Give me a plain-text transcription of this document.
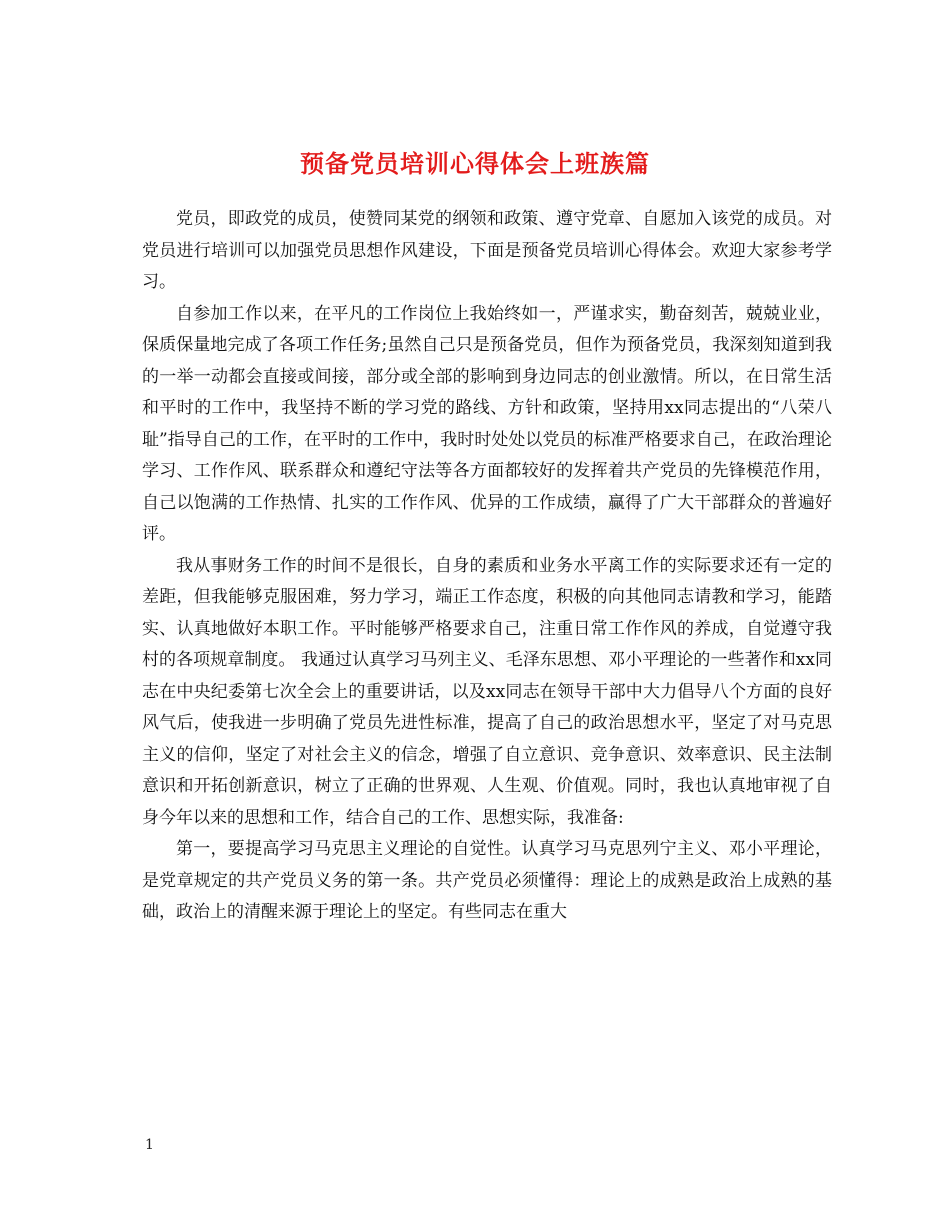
预备党员培训心得体会上班族篇

党员，即政党的成员，使赞同某党的纲领和政策、遵守党章、自愿加入该党的成员。对党员进行培训可以加强党员思想作风建设，下面是预备党员培训心得体会。欢迎大家参考学习。

自参加工作以来，在平凡的工作岗位上我始终如一，严谨求实，勤奋刻苦，兢兢业业，保质保量地完成了各项工作任务;虽然自己只是预备党员，但作为预备党员，我深刻知道到我的一举一动都会直接或间接，部分或全部的影响到身边同志的创业激情。所以，在日常生活和平时的工作中，我坚持不断的学习党的路线、方针和政策，坚持用xx同志提出的“八荣八耻”指导自己的工作，在平时的工作中，我时时处处以党员的标准严格要求自己，在政治理论学习、工作作风、联系群众和遵纪守法等各方面都较好的发挥着共产党员的先锋模范作用，自己以饱满的工作热情、扎实的工作作风、优异的工作成绩，赢得了广大干部群众的普遍好评。

我从事财务工作的时间不是很长，自身的素质和业务水平离工作的实际要求还有一定的差距，但我能够克服困难，努力学习，端正工作态度，积极的向其他同志请教和学习，能踏实、认真地做好本职工作。平时能够严格要求自己，注重日常工作作风的养成，自觉遵守我村的各项规章制度。 我通过认真学习马列主义、毛泽东思想、邓小平理论的一些著作和xx同志在中央纪委第七次全会上的重要讲话，以及xx同志在领导干部中大力倡导八个方面的良好风气后，使我进一步明确了党员先进性标准，提高了自己的政治思想水平，坚定了对马克思主义的信仰，坚定了对社会主义的信念，增强了自立意识、竞争意识、效率意识、民主法制意识和开拓创新意识，树立了正确的世界观、人生观、价值观。同时，我也认真地审视了自身今年以来的思想和工作，结合自己的工作、思想实际，我准备:

第一，要提高学习马克思主义理论的自觉性。认真学习马克思列宁主义、邓小平理论，是党章规定的共产党员义务的第一条。共产党员必须懂得：理论上的成熟是政治上成熟的基础，政治上的清醒来源于理论上的坚定。有些同志在重大

1
